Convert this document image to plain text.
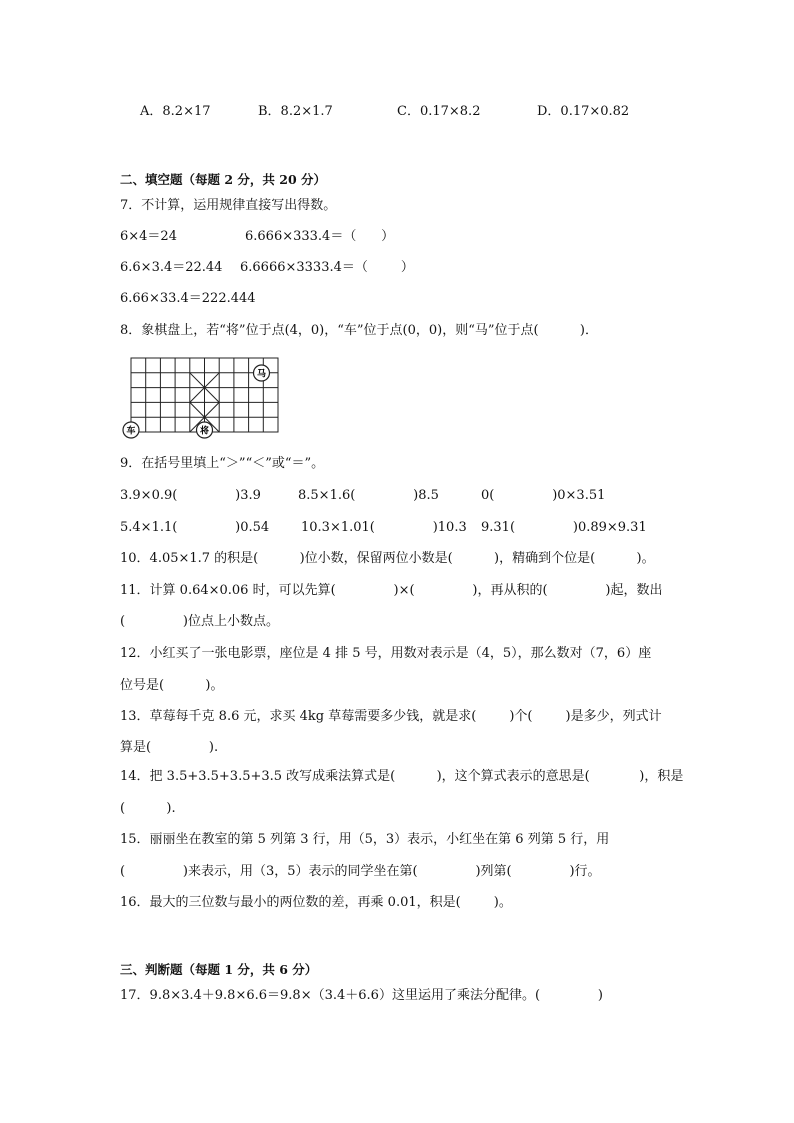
A．8.2×17	B．8.2×1.7	C．0.17×8.2	D．0.17×0.82
二、填空题（每题 2 分，共 20 分）
7．不计算，运用规律直接写出得数。
6×4＝24	6.666×333.4＝（      ）
6.6×3.4＝22.44 6.6666×3333.4＝（        ）
6.66×33.4＝222.444
8．象棋盘上，若“将”位于点(4，0)，“车”位于点(0，0)，则“马”位于点(          )．
马
车	将
9．在括号里填上“＞”“＜”或“＝”。
3.9×0.9(              )3.9	8.5×1.6(              )8.5	0(              )0×3.51
5.4×1.1(              )0.54 10.3×1.01(              )10.3 9.31(              )0.89×9.31
10．4.05×1.7 的积是(          )位小数，保留两位小数是(          )，精确到个位是(          )。
11．计算 0.64×0.06 时，可以先算(              )×(              )，再从积的(              )起，数出
(              )位点上小数点。
12．小红买了一张电影票，座位是 4 排 5 号，用数对表示是（4，5），那么数对（7，6）座
位号是(          )。
13．草莓每千克 8.6 元，求买 4kg 草莓需要多少钱，就是求(        )个(        )是多少，列式计
算是(              ).
14．把 3.5+3.5+3.5+3.5 改写成乘法算式是(          )，这个算式表示的意思是(            )，积是
(          ).
15．丽丽坐在教室的第 5 列第 3 行，用（5，3）表示，小红坐在第 6 列第 5 行，用
(              )来表示，用（3，5）表示的同学坐在第(              )列第(              )行。
16．最大的三位数与最小的两位数的差，再乘 0.01，积是(        )。
三、判断题（每题 1 分，共 6 分）
17．9.8×3.4＋9.8×6.6＝9.8×（3.4＋6.6）这里运用了乘法分配律。(              )
